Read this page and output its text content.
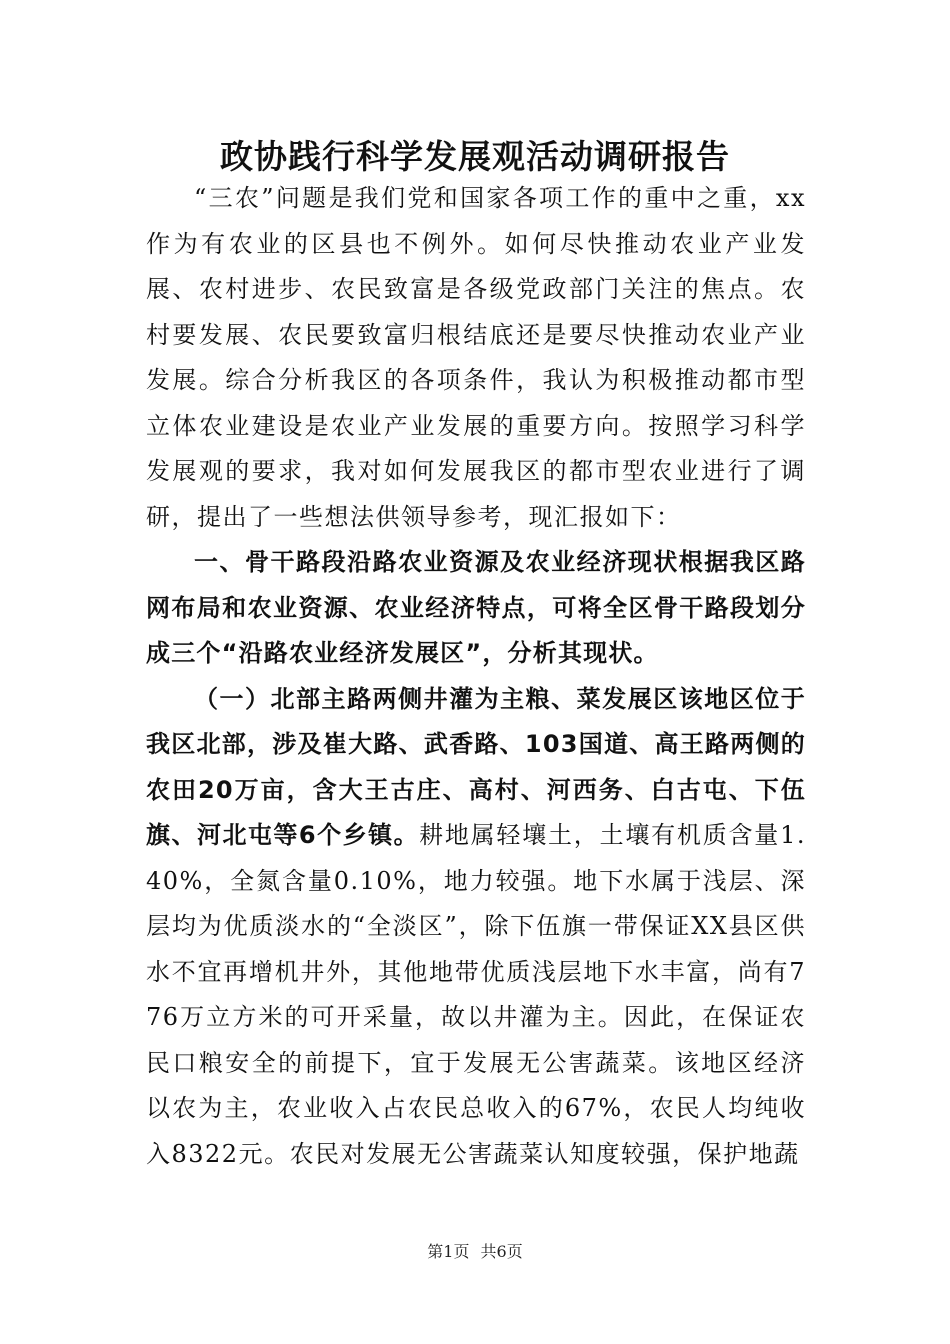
政协践行科学发展观活动调研报告

“三农”问题是我们党和国家各项工作的重中之重，xx作为有农业的区县也不例外。如何尽快推动农业产业发展、农村进步、农民致富是各级党政部门关注的焦点。农村要发展、农民要致富归根结底还是要尽快推动农业产业发展。综合分析我区的各项条件，我认为积极推动都市型立体农业建设是农业产业发展的重要方向。按照学习科学发展观的要求，我对如何发展我区的都市型农业进行了调研，提出了一些想法供领导参考，现汇报如下：

一、骨干路段沿路农业资源及农业经济现状根据我区路网布局和农业资源、农业经济特点，可将全区骨干路段划分成三个“沿路农业经济发展区”，分析其现状。

（一）北部主路两侧井灌为主粮、菜发展区该地区位于我区北部，涉及崔大路、武香路、103国道、高王路两侧的农田20万亩，含大王古庄、高村、河西务、白古屯、下伍旗、河北屯等6个乡镇。

耕地属轻壤土，土壤有机质含量1.40%，全氮含量0.10%，地力较强。地下水属于浅层、深层均为优质淡水的“全淡区”，除下伍旗一带保证XX县区供水不宜再增机井外，其他地带优质浅层地下水丰富，尚有776万立方米的可开采量，故以井灌为主。因此，在保证农民口粮安全的前提下，宜于发展无公害蔬菜。该地区经济以农为主，农业收入占农民总收入的67%，农民人均纯收入8322元。农民对发展无公害蔬菜认知度较强，保护地蔬

第1页 共6页
